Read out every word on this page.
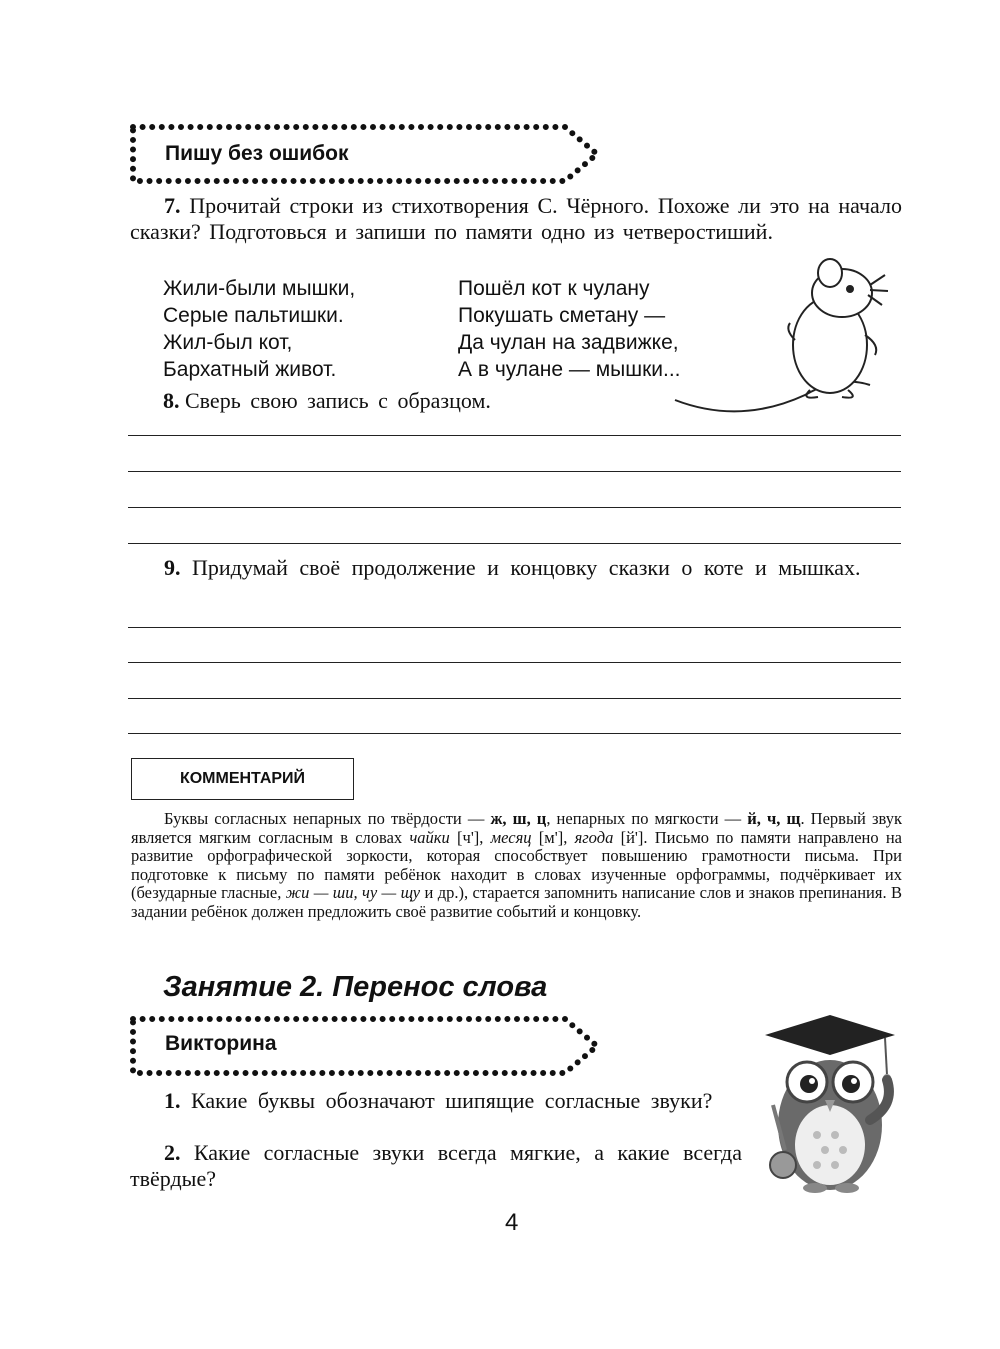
Пишу без ошибок
7. Прочитай строки из стихотворения С. Чёрного. Похоже ли это на начало сказки? Подготовься и запиши по памяти одно из четверостиший.
Жили-были мышки,
Серые пальтишки.
Жил-был кот,
Бархатный живот.
Пошёл кот к чулану
Покушать сметану —
Да чулан на задвижке,
А в чулане — мышки...
8. Сверь свою запись с образцом.
9. Придумай своё продолжение и концовку сказки о коте и мышках.
КОММЕНТАРИЙ
Буквы согласных непарных по твёрдости — ж, ш, ц, непарных по мягкости — й, ч, щ. Первый звук является мягким согласным в словах чайки [ч'], месяц [м'], ягода [й']. Письмо по памяти направлено на развитие орфографической зоркости, которая способствует повышению грамотности письма. При подготовке к письму по памяти ребёнок находит в словах изученные орфограммы, подчёркивает их (безударные гласные, жи — ши, чу — щу и др.), старается запомнить написание слов и знаков препинания. В задании ребёнок должен предложить своё развитие событий и концовку.
Занятие 2. Перенос слова
Викторина
1. Какие буквы обозначают шипящие согласные звуки?
2. Какие согласные звуки всегда мягкие, а какие всегда твёрдые?
4
